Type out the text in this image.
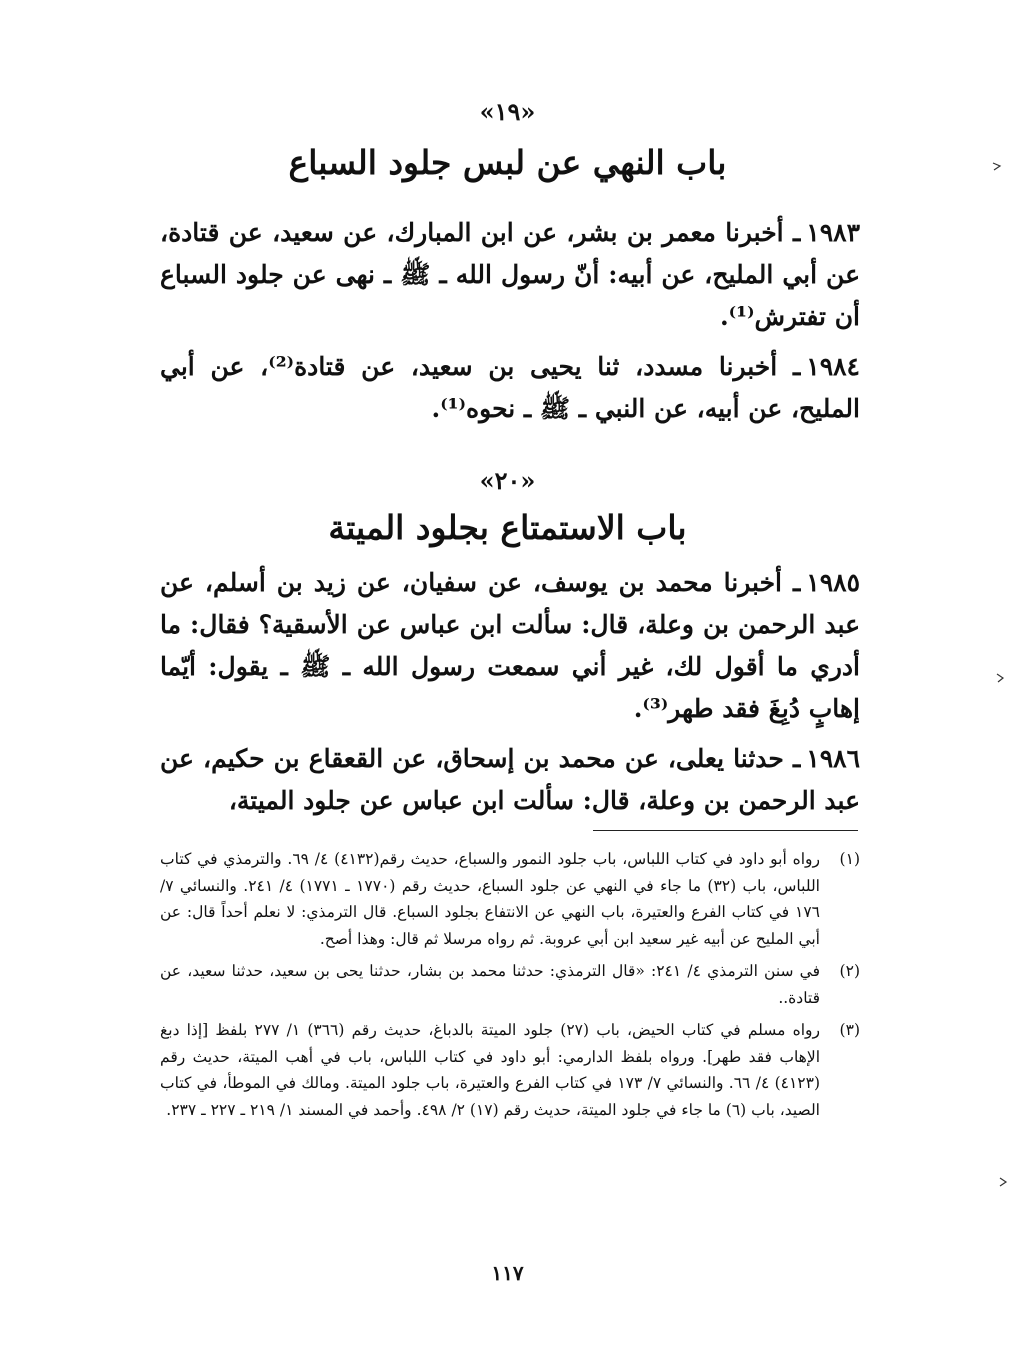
«١٩»
باب النهي عن لبس جلود السباع

١٩٨٣ـ أخبرنا معمر بن بشر، عن ابن المبارك، عن سعيد، عن قتادة، عن أبي المليح، عن أبيه: أنّ رسول الله ـ ﷺ ـ نهى عن جلود السباع أن تفترش⁽¹⁾.

١٩٨٤ـ أخبرنا مسدد، ثنا يحيى بن سعيد، عن قتادة⁽²⁾، عن أبي المليح، عن أبيه، عن النبي ـ ﷺ ـ نحوه⁽¹⁾.

«٢٠»
باب الاستمتاع بجلود الميتة

١٩٨٥ـ أخبرنا محمد بن يوسف، عن سفيان، عن زيد بن أسلم، عن عبد الرحمن بن وعلة، قال: سألت ابن عباس عن الأسقية؟ فقال: ما أدري ما أقول لك، غير أني سمعت رسول الله ـ ﷺ ـ يقول: أيّما إهابٍ دُبِغَ فقد طهر⁽³⁾.

١٩٨٦ـ حدثنا يعلى، عن محمد بن إسحاق، عن القعقاع بن حكيم، عن عبد الرحمن بن وعلة، قال: سألت ابن عباس عن جلود الميتة،

(١)
رواه أبو داود في كتاب اللباس، باب جلود النمور والسباع، حديث رقم(٤١٣٢) ٤/ ٦٩. والترمذي في كتاب اللباس، باب (٣٢) ما جاء في النهي عن جلود السباع، حديث رقم (١٧٧٠ ـ ١٧٧١) ٤/ ٢٤١. والنسائي ٧/ ١٧٦ في كتاب الفرع والعتيرة، باب النهي عن الانتفاع بجلود السباع. قال الترمذي: لا نعلم أحداً قال: عن أبي المليح عن أبيه غير سعيد ابن أبي عروبة. ثم رواه مرسلا ثم قال: وهذا أصح.
(٢)
في سنن الترمذي ٤/ ٢٤١: «قال الترمذي: حدثنا محمد بن بشار، حدثنا يحى بن سعيد، حدثنا سعيد، عن قتادة..
(٣)
رواه مسلم في كتاب الحيض، باب (٢٧) جلود الميتة بالدباغ، حديث رقم (٣٦٦) ١/ ٢٧٧ بلفظ [إذا دبغ الإهاب فقد طهر]. ورواه بلفظ الدارمي: أبو داود في كتاب اللباس، باب في أهب الميتة، حديث رقم (٤١٢٣) ٤/ ٦٦. والنسائي ٧/ ١٧٣ في كتاب الفرع والعتيرة، باب جلود الميتة. ومالك في الموطأ، في كتاب الصيد، باب (٦) ما جاء في جلود الميتة، حديث رقم (١٧) ٢/ ٤٩٨. وأحمد في المسند ١/ ٢١٩ ـ ٢٢٧ ـ ٢٣٧.
١١٧
